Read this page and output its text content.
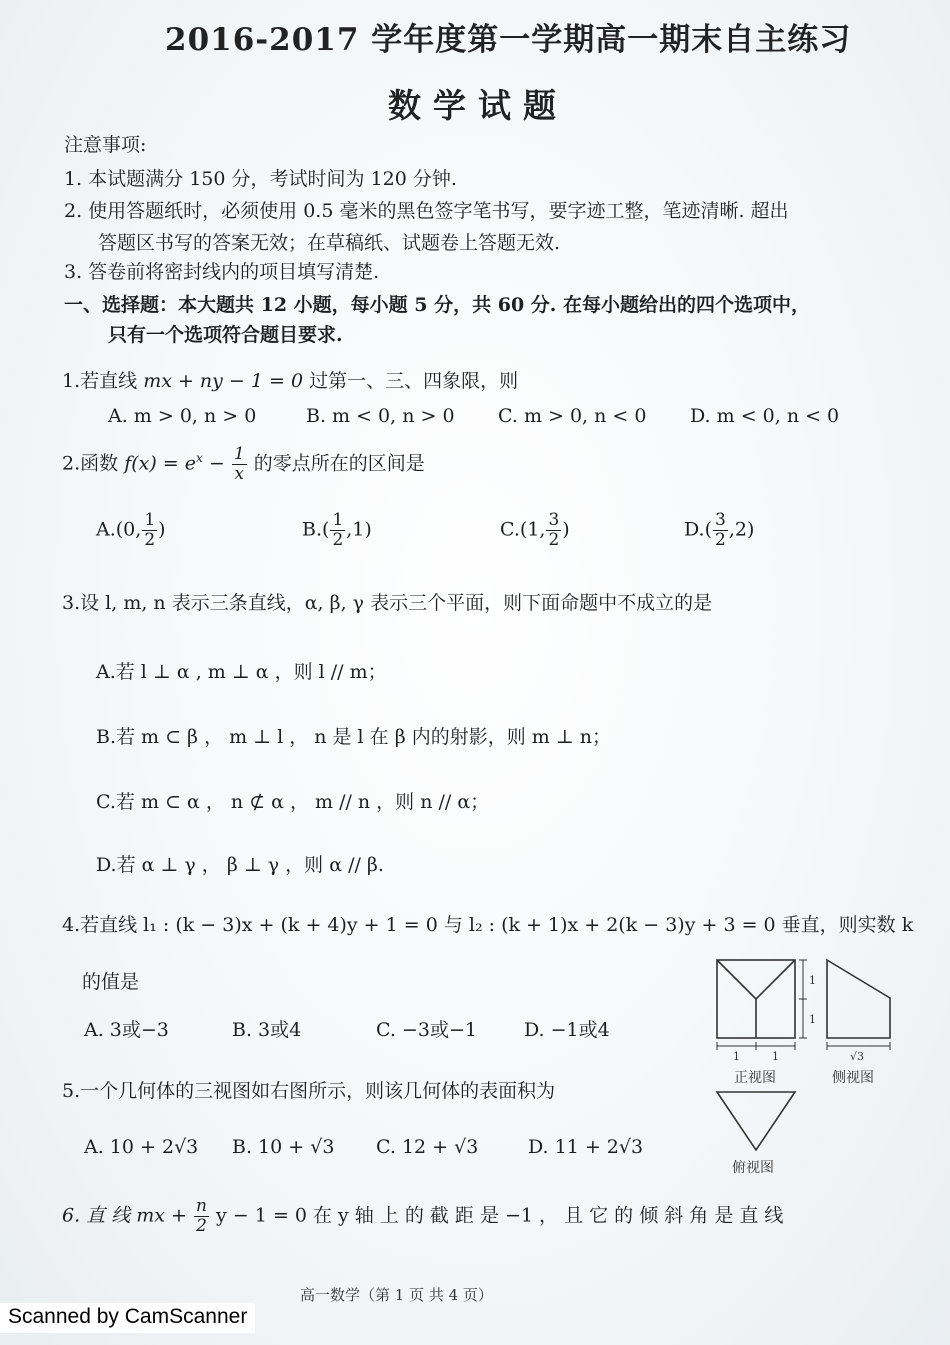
2016-2017 学年度第一学期高一期末自主练习
数学试题
注意事项:
1. 本试题满分 150 分，考试时间为 120 分钟.
2. 使用答题纸时，必须使用 0.5 毫米的黑色签字笔书写，要字迹工整，笔迹清晰. 超出
答题区书写的答案无效；在草稿纸、试题卷上答题无效.
3. 答卷前将密封线内的项目填写清楚.
一、选择题：本大题共 12 小题，每小题 5 分，共 60 分. 在每小题给出的四个选项中，
只有一个选项符合题目要求.
1.若直线 mx + ny − 1 = 0 过第一、三、四象限，则
A. m > 0, n > 0	B. m < 0, n > 0 C. m > 0, n < 0 D. m < 0, n < 0
2.函数 $f(x) = e^x - \frac{1}{x}$ 的零点所在的区间是
A.(0, $\frac{1}{2}$ )	$B.( \frac{1}{2} ,1)$	C.(1, $\frac{3}{2}$ )	$D.( \frac{3}{2} ,2)$
3.设 l, m, n 表示三条直线，α, β, γ 表示三个平面，则下面命题中不成立的是
A.若 l ⊥ α , m ⊥ α ，则 l // m；
B.若 m ⊂ β ， m ⊥ l ， n 是 l 在 β 内的射影，则 m ⊥ n；
C.若 m ⊂ α ， n ⊄ α ， m // n ，则 n // α；
D.若 α ⊥ γ ， β ⊥ γ ，则 α // β.
4.若直线 l₁ : (k − 3)x + (k + 4)y + 1 = 0 与 l₂ : (k + 1)x + 2(k − 3)y + 3 = 0 垂直，则实数 k
的值是
A. 3或−3	B. 3或4	C. −3或−1 D. −1或4
5.一个几何体的三视图如右图所示，则该几何体的表面积为
A. 10 + 2√3 B. 10 + √3 C. 12 + √3	D. 11 + 2√3
1
1
1	1
正视图
√3
侧视图
俯视图
6. 直 线 mx + $\frac{n}{2}$ y − 1 = 0 在 y 轴 上 的 截 距 是 −1 ， 且 它 的 倾 斜 角 是 直 线
高一数学（第 1 页 共 4 页）
Scanned by CamScanner
